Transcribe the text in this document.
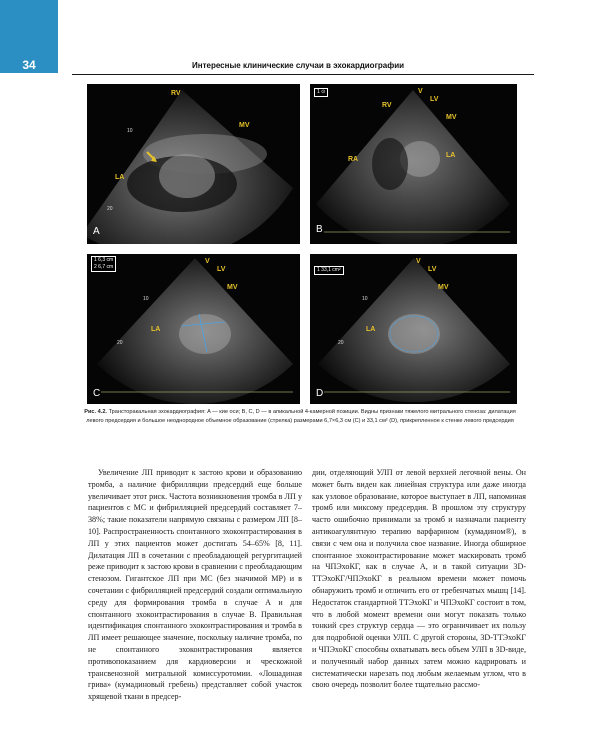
34	Интересные клинические случаи в эхокардиографии
RV
MV
LA
10
20
A
1 ⊙
RV
V
LV
MV
RA
LA
B
1 6,3 cm
2 6,7 cm
V
LV
MV
LA
10
20
C
1 33,1 cm²
V
LV
MV
LA
10
20
D
Рис. 4.2. Трансторакальная эхокардиография: A — кие оси; B, C, D — в апикальной 4-камерной позиции. Видны признаки тяжелого митрального стеноза: дилатация левого предсердия и большое неоднородное объемное образование (стрелка) размерами 6,7×6,3 см (C) и 33,1 см² (D), прикрепленное к стенке левого предсердия

Увеличение ЛП приводит к застою крови и образованию тромба, а наличие фибрилляции предсердий еще больше увеличивает этот риск. Частота возникновения тромба в ЛП у пациентов с МС и фибрилляцией предсердий составляет 7–38%; такие показатели напрямую связаны с размером ЛП [8–10]. Распространенность спонтанного эхоконтрастирования в ЛП у этих пациентов может достигать 54–65% [8, 11]. Дилатация ЛП в сочетании с преобладающей регургитацией реже приводит к застою крови в сравнении с преобладающим стенозом. Гигантское ЛП при МС (без значимой МР) и в сочетании с фибрилляцией предсердий создали оптимальную среду для формирования тромба в случае А и для спонтанного эхоконтрастирования в случае B. Правильная идентификация спонтанного эхоконтрастирования и тромба в ЛП имеет решающее значение, поскольку наличие тромба, по не спонтанного эхоконтрастирования является противопоказанием для кардиоверсии и чрескожной трансвенозной митральной комиссуротомии. «Лошадиная грива» (кумадиновый гребень) представляет собой участок хрящевой ткани в предсер-

дии, отделяющий УЛП от левой верхней легочной вены. Он может быть виден как линейная структура или даже иногда как узловое образование, которое выступает в ЛП, напоминая тромб или миксому предсердия. В прошлом эту структуру часто ошибочно принимали за тромб и назначали пациенту антикоагулянтную терапию варфарином (кумадином®), в связи с чем она и получила свое название. Иногда обширное спонтанное эхоконтрастирование может маскировать тромб на ЧПЭхоКГ, как в случае А, и в такой ситуации 3D-ТТЭхоКГ/ЧПЭхоКГ в реальном времени может помочь обнаружить тромб и отличить его от гребенчатых мышц [14]. Недостаток стандартной ТТЭхоКГ и ЧПЭхоКГ состоит в том, что в любой момент времени они могут показать только тонкий срез структур сердца — это ограничивает их пользу для подробной оценки УЛП. С другой стороны, 3D-ТТЭхоКГ и ЧПЭхоКГ способны охватывать весь объем УЛП в 3D-виде, и полученный набор данных затем можно кадрировать и систематически нарезать под любым желаемым углом, что в свою очередь позволит более тщательно рассмо-
